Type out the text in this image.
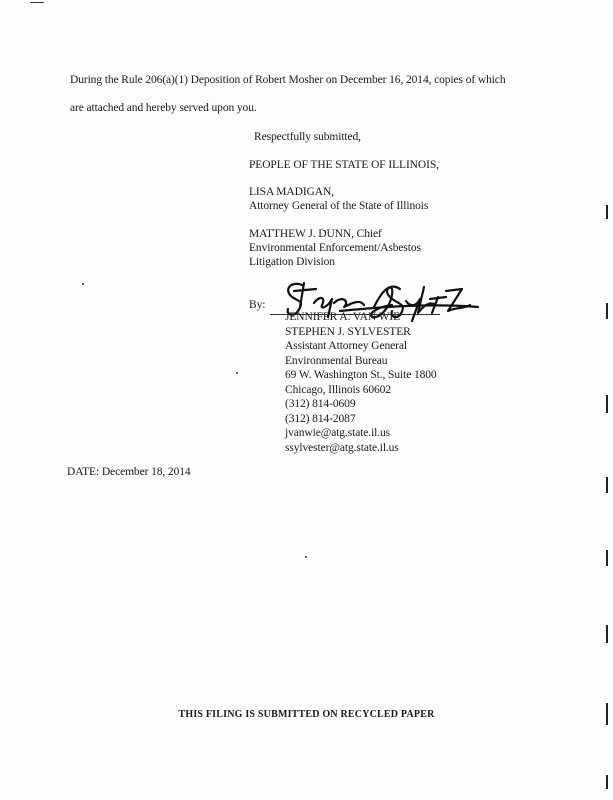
During the Rule 206(a)(1) Deposition of Robert Mosher on December 16, 2014, copies of which
are attached and hereby served upon you.
Respectfully submitted,
PEOPLE OF THE STATE OF ILLINOIS,
LISA MADIGAN,
Attorney General of the State of Illinois
MATTHEW J. DUNN, Chief
Environmental Enforcement/Asbestos
Litigation Division
By:
JENNIFER A. VAN WIE
STEPHEN J. SYLVESTER
Assistant Attorney General
Environmental Bureau
69 W. Washington St., Suite 1800
Chicago, Illinois 60602
(312) 814-0609
(312) 814-2087
jvanwie@atg.state.il.us
ssylvester@atg.state.il.us
DATE: December 18, 2014
THIS FILING IS SUBMITTED ON RECYCLED PAPER
